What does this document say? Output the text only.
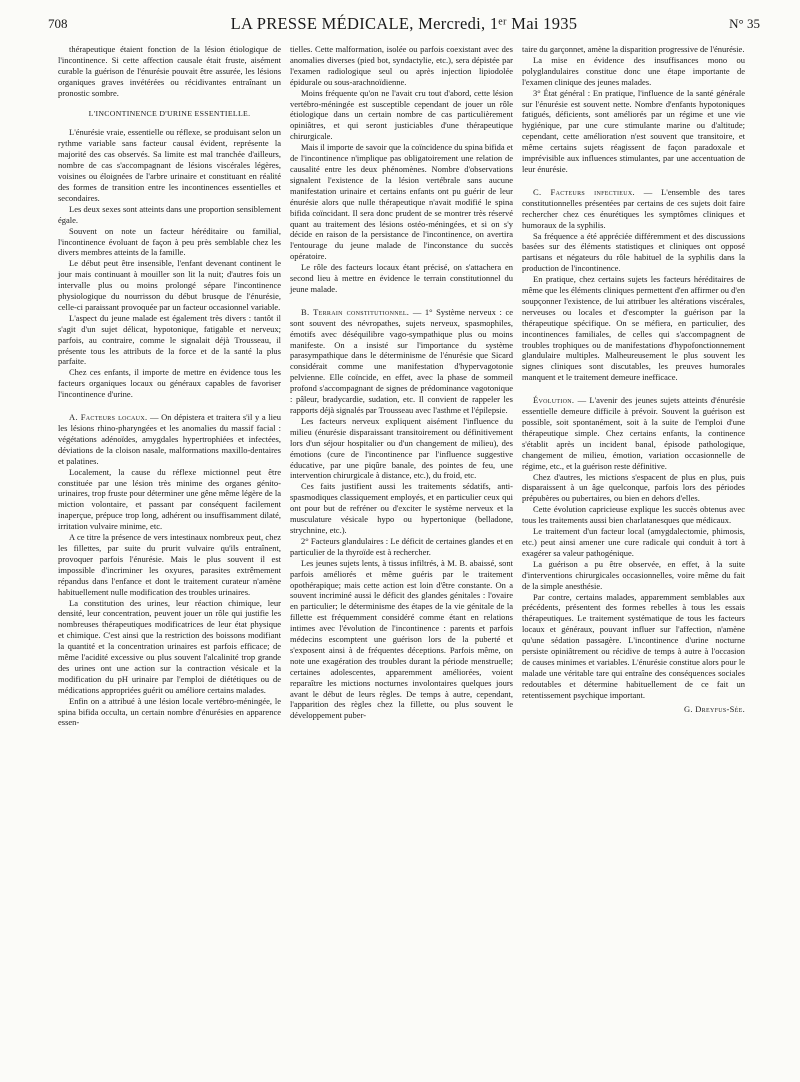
708	LA PRESSE MÉDICALE, Mercredi, 1ᵉʳ Mai 1935	N° 35

thérapeutique étaient fonction de la lésion étiologique de l'incontinence. Si cette affection causale était fruste, aisément curable la guérison de l'énurésie pouvait être assurée, les lésions organiques graves invétérées ou récidivantes entraînant un pronostic sombre.

L'INCONTINENCE D'URINE ESSENTIELLE.

L'énurésie vraie, essentielle ou réflexe, se produisant selon un rythme variable sans facteur causal évident, représente la majorité des cas observés. Sa limite est mal tranchée d'ailleurs, nombre de cas s'accompagnant de lésions viscérales légères, voisines ou éloignées de l'arbre urinaire et constituant en réalité des formes de transition entre les incontinences essentielles et secondaires.

Les deux sexes sont atteints dans une proportion sensiblement égale.

Souvent on note un facteur héréditaire ou familial, l'incontinence évoluant de façon à peu près semblable chez les divers membres atteints de la famille.

Le début peut être insensible, l'enfant devenant continent le jour mais continuant à mouiller son lit la nuit; d'autres fois un intervalle plus ou moins prolongé sépare l'incontinence physiologique du nourrisson du début brusque de l'énurésie, celle-ci paraissant provoquée par un facteur occasionnel variable.

L'aspect du jeune malade est également très divers : tantôt il s'agit d'un sujet délicat, hypotonique, fatigable et nerveux; parfois, au contraire, comme le signalait déjà Trousseau, il présente tous les attributs de la force et de la santé la plus parfaite.

Chez ces enfants, il importe de mettre en évidence tous les facteurs organiques locaux ou généraux capables de favoriser l'incontinence d'urine.

A. Facteurs locaux. — On dépistera et traitera s'il y a lieu les lésions rhino-pharyngées et les anomalies du massif facial : végétations adénoïdes, amygdales hypertrophiées et infectées, déviations de la cloison nasale, malformations maxillo-dentaires et palatines.

Localement, la cause du réflexe mictionnel peut être constituée par une lésion très minime des organes génito-urinaires, trop fruste pour déterminer une gêne même légère de la miction volontaire, et passant par conséquent facilement inaperçue, prépuce trop long, adhérent ou insuffisamment dilaté, irritation vulvaire minime, etc.

A ce titre la présence de vers intestinaux nombreux peut, chez les fillettes, par suite du prurit vulvaire qu'ils entraînent, provoquer parfois l'énurésie. Mais le plus souvent il est impossible d'incriminer les oxyures, parasites extrêmement répandus dans l'enfance et dont le traitement curateur n'amène habituellement nulle modification des troubles urinaires.

La constitution des urines, leur réaction chimique, leur densité, leur concentration, peuvent jouer un rôle qui justifie les nombreuses thérapeutiques modificatrices de leur état physique et chimique. C'est ainsi que la restriction des boissons modifiant la quantité et la concentration urinaires est parfois efficace; de même l'acidité excessive ou plus souvent l'alcalinité trop grande des urines ont une action sur la contraction vésicale et la modification du pH urinaire par l'emploi de diététiques ou de médications appropriées guérit ou améliore certains malades.

Enfin on a attribué à une lésion locale vertébro-méningée, le spina bifida occulta, un certain nombre d'énurésies en apparence essen-

tielles. Cette malformation, isolée ou parfois coexistant avec des anomalies diverses (pied bot, syndactylie, etc.), sera dépistée par l'examen radiologique seul ou après injection lipiodolée épidurale ou sous-arachnoïdienne.

Moins fréquente qu'on ne l'avait cru tout d'abord, cette lésion vertébro-méningée est susceptible cependant de jouer un rôle étiologique dans un certain nombre de cas particulièrement opiniâtres, et qui seront justiciables d'une thérapeutique chirurgicale.

Mais il importe de savoir que la coïncidence du spina bifida et de l'incontinence n'implique pas obligatoirement une relation de causalité entre les deux phénomènes. Nombre d'observations signalent l'existence de la lésion vertébrale sans aucune manifestation urinaire et certains enfants ont pu guérir de leur énurésie alors que nulle thérapeutique n'avait modifié le spina bifida coïncidant. Il sera donc prudent de se montrer très réservé quant au traitement des lésions ostéo-méningées, et si on s'y décide en raison de la persistance de l'incontinence, on avertira l'entourage du jeune malade de l'inconstance du succès opératoire.

Le rôle des facteurs locaux étant précisé, on s'attachera en second lieu à mettre en évidence le terrain constitutionnel du jeune malade.

B. Terrain constitutionnel. — 1° Système nerveux : ce sont souvent des névropathes, sujets nerveux, spasmophiles, émotifs avec déséquilibre vago-sympathique plus ou moins manifeste. On a insisté sur l'importance du système parasympathique dans le déterminisme de l'énurésie que Sicard considérait comme une manifestation d'hypervagotonie pelvienne. Elle coïncide, en effet, avec la phase de sommeil profond s'accompagnant de signes de prédominance vagotonique : pâleur, bradycardie, sudation, etc. Il convient de rappeler les rapports déjà signalés par Trousseau avec l'asthme et l'épilepsie.

Les facteurs nerveux expliquent aisément l'influence du milieu (énurésie disparaissant transitoirement ou définitivement lors d'un séjour hospitalier ou d'un changement de milieu), des émotions (cure de l'incontinence par l'influence suggestive éducative, par une piqûre banale, des pointes de feu, une intervention chirurgicale à distance, etc.), du froid, etc.

Ces faits justifient aussi les traitements sédatifs, anti-spasmodiques classiquement employés, et en particulier ceux qui ont pour but de refréner ou d'exciter le système nerveux et la musculature vésicale hypo ou hypertonique (belladone, strychnine, etc.).

2° Facteurs glandulaires : Le déficit de certaines glandes et en particulier de la thyroïde est à rechercher.

Les jeunes sujets lents, à tissus infiltrés, à M. B. abaissé, sont parfois améliorés et même guéris par le traitement opothérapique; mais cette action est loin d'être constante. On a souvent incriminé aussi le déficit des glandes génitales : l'ovaire en particulier; le déterminisme des étapes de la vie génitale de la fillette est fréquemment considéré comme étant en relations intimes avec l'évolution de l'incontinence : parents et parfois médecins escomptent une guérison lors de la puberté et s'exposent ainsi à de fréquentes déceptions. Parfois même, on note une exagération des troubles durant la période menstruelle; certaines adolescentes, apparemment améliorées, voient reparaître les mictions nocturnes involontaires quelques jours avant le début de leurs règles. De temps à autre, cependant, l'apparition des règles chez la fillette, ou plus souvent le développement puber-

taire du garçonnet, amène la disparition progressive de l'énurésie.

La mise en évidence des insuffisances mono ou polyglandulaires constitue donc une étape importante de l'examen clinique des jeunes malades.

3° État général : En pratique, l'influence de la santé générale sur l'énurésie est souvent nette. Nombre d'enfants hypotoniques fatigués, déficients, sont améliorés par un régime et une vie hygiénique, par une cure stimulante marine ou d'altitude; cependant, cette amélioration n'est souvent que transitoire, et même certains sujets réagissent de façon paradoxale et imprévisible aux influences stimulantes, par une accentuation de leur énurésie.

C. Facteurs infectieux. — L'ensemble des tares constitutionnelles présentées par certains de ces sujets doit faire rechercher chez ces énurétiques les symptômes cliniques et humoraux de la syphilis.

Sa fréquence a été appréciée différemment et des discussions basées sur des éléments statistiques et cliniques ont opposé partisans et négateurs du rôle habituel de la syphilis dans la production de l'incontinence.

En pratique, chez certains sujets les facteurs héréditaires de même que les éléments cliniques permettent d'en affirmer ou d'en soupçonner l'existence, de lui attribuer les altérations viscérales, nerveuses ou locales et d'escompter la guérison par la thérapeutique spécifique. On se méfiera, en particulier, des incontinences familiales, de celles qui s'accompagnent de troubles trophiques ou de manifestations d'hypofonctionnement glandulaire multiples. Malheureusement le plus souvent les signes cliniques sont discutables, les preuves humorales manquent et le traitement demeure inefficace.

Évolution. — L'avenir des jeunes sujets atteints d'énurésie essentielle demeure difficile à prévoir. Souvent la guérison est possible, soit spontanément, soit à la suite de l'emploi d'une thérapeutique simple. Chez certains enfants, la continence s'établit après un incident banal, épisode pathologique, changement de milieu, émotion, variation occasionnelle de régime, etc., et la guérison reste définitive.

Chez d'autres, les mictions s'espacent de plus en plus, puis disparaissent à un âge quelconque, parfois lors des périodes prépubères ou pubertaires, ou bien en dehors d'elles.

Cette évolution capricieuse explique les succès obtenus avec tous les traitements aussi bien charlatanesques que médicaux.

Le traitement d'un facteur local (amygdalectomie, phimosis, etc.) peut ainsi amener une cure radicale qui conduit à tort à exagérer sa valeur pathogénique.

La guérison a pu être observée, en effet, à la suite d'interventions chirurgicales occasionnelles, voire même du fait de la simple anesthésie.

Par contre, certains malades, apparemment semblables aux précédents, présentent des formes rebelles à tous les essais thérapeutiques. Le traitement systématique de tous les facteurs locaux et généraux, pouvant influer sur l'affection, n'amène qu'une sédation passagère. L'incontinence d'urine nocturne persiste opiniâtrement ou récidive de temps à autre à l'occasion de causes minimes et variables. L'énurésie constitue alors pour le malade une véritable tare qui entraîne des conséquences sociales redoutables et détermine habituellement de ce fait un retentissement psychique important.

G. Dreyfus-Sée.
